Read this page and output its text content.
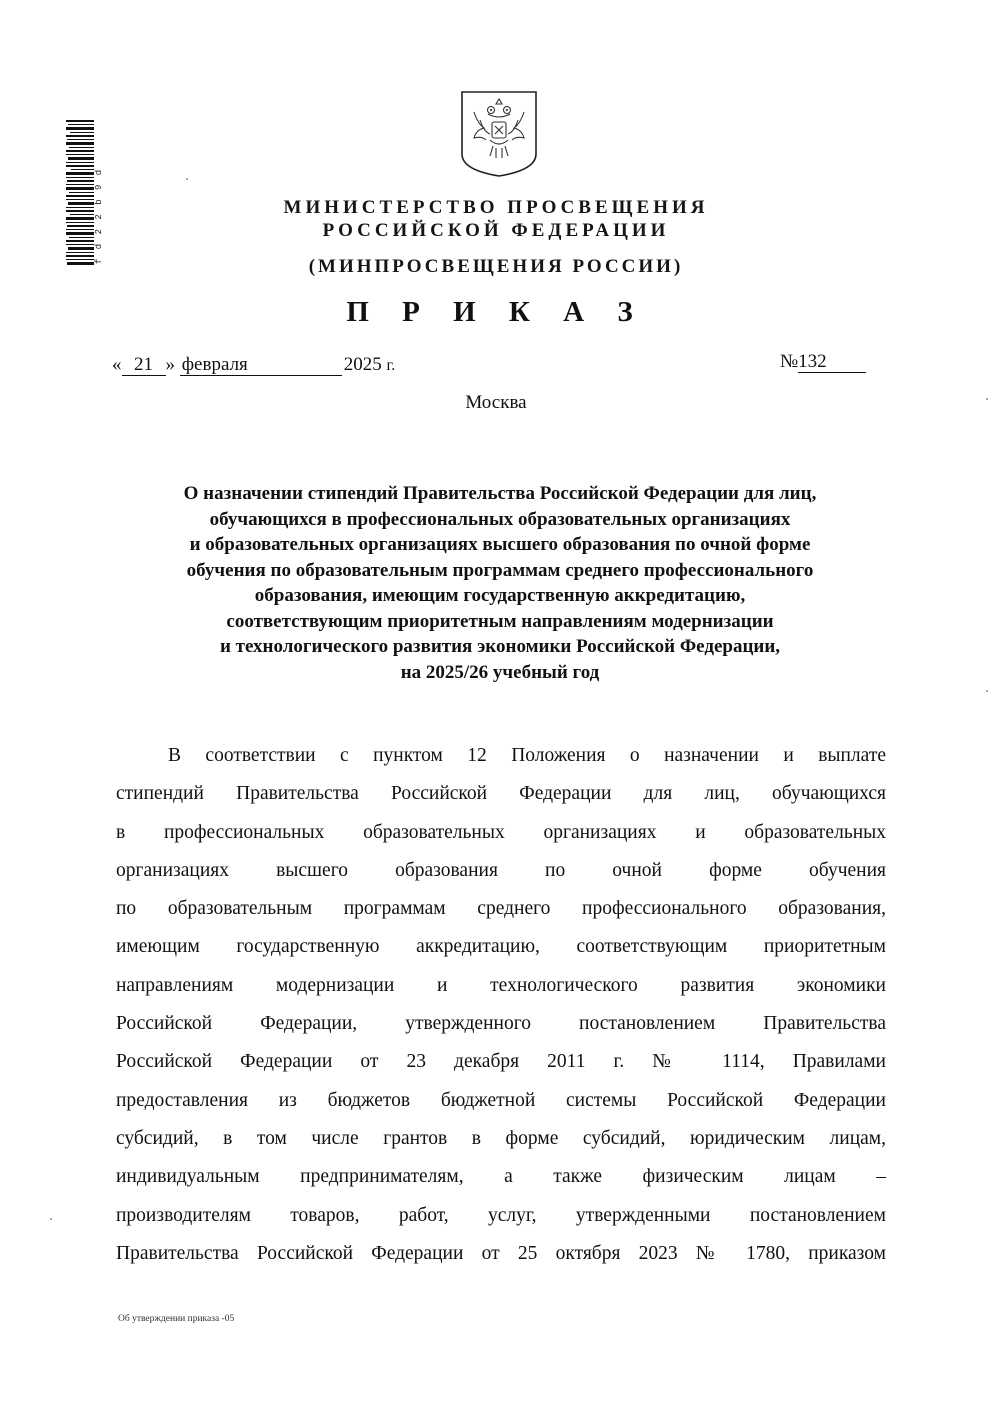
f d 2 2 b 9 d	МИНИСТЕРСТВО ПРОСВЕЩЕНИЯ
РОССИЙСКОЙ ФЕДЕРАЦИИ
(МИНПРОСВЕЩЕНИЯ РОССИИ)
П Р И К А З
« 21 » февраля	2025 г.	№132
Москва
О назначении стипендий Правительства Российской Федерации для лиц,
обучающихся в профессиональных образовательных организациях
и образовательных организациях высшего образования по очной форме
обучения по образовательным программам среднего профессионального
образования, имеющим государственную аккредитацию,
соответствующим приоритетным направлениям модернизации
и технологического развития экономики Российской Федерации,
на 2025/26 учебный год
В соответствии с пунктом 12 Положения о назначении и выплате
стипендий Правительства Российской Федерации для лиц, обучающихся
в профессиональных образовательных организациях и образовательных
организациях высшего образования по очной форме обучения
по образовательным программам среднего профессионального образования,
имеющим государственную аккредитацию, соответствующим приоритетным
направлениям модернизации и технологического развития экономики
Российской Федерации, утвержденного постановлением Правительства
Российской Федерации от 23 декабря 2011 г. № 1114, Правилами
предоставления из бюджетов бюджетной системы Российской Федерации
субсидий, в том числе грантов в форме субсидий, юридическим лицам,
индивидуальным предпринимателям, а также физическим лицам –
производителям товаров, работ, услуг, утвержденными постановлением
Правительства Российской Федерации от 25 октября 2023 № 1780, приказом
Об утверждении приказа -05
